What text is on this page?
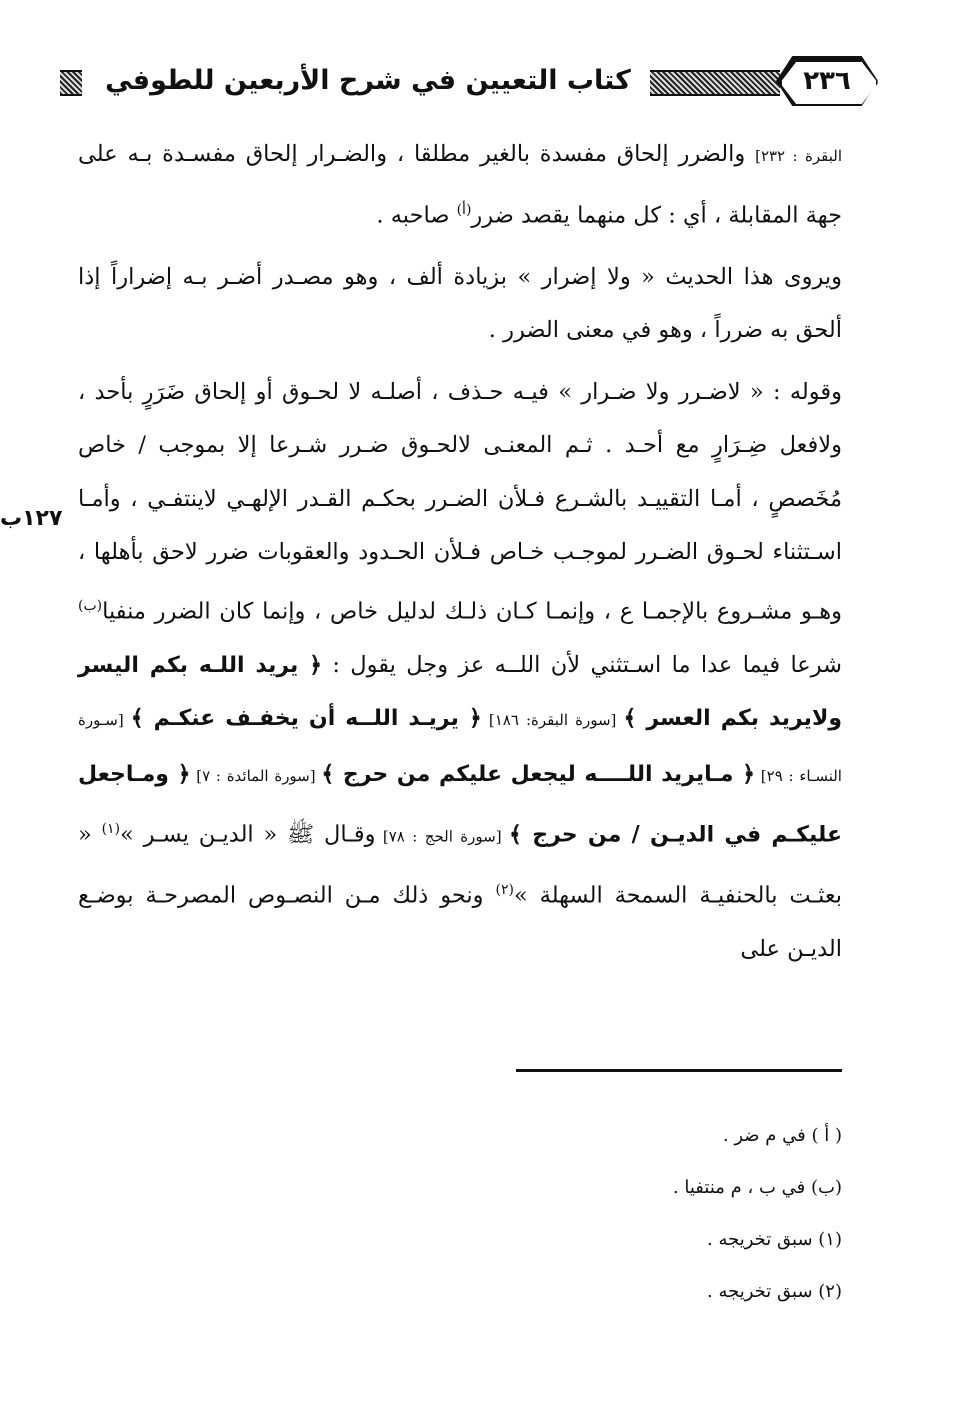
كتاب التعيين في شرح الأربعين للطوفي	٢٣٦
١٢٧ب

البقرة : ٢٣٢] والضرر إلحاق مفسدة بالغير مطلقا ، والضـرار إلحاق مفسـدة بـه على جهة المقابلة ، أي : كل منهما يقصد ضرر$^{(أ)}$ صاحبه .

ويروى هذا الحديث « ولا إضرار » بزيادة ألف ، وهو مصـدر أضـر بـه إضراراً إذا ألحق به ضرراً ، وهو في معنى الضرر .

وقوله : « لاضـرر ولا ضـرار » فيـه حـذف ، أصلـه لا لحـوق أو إلحاق ضَرَرٍ بأحد ، ولافعل ضِـرَارٍ مع أحـد . ثـم المعنـى لالحـوق ضـرر شـرعا إلا بموجب / خاص مُخَصصٍ ، أمـا التقييـد بالشـرع فـلأن الضـرر بحكـم القـدر الإلهـي لاينتفـي ، وأمـا اسـتثناء لحـوق الضـرر لموجـب خـاص فـلأن الحـدود والعقوبات ضرر لاحق بأهلها ، وهـو مشـروع بالإجمـا ع ، وإنمـا كـان ذلـك لدليل خاص ، وإنما كان الضرر منفيا$^{(ب)}$ شرعا فيما عدا ما اسـتثني لأن اللــه عز وجل يقول : ﴿ يريد اللـه بكم اليسر ولايريد بكم العسر ﴾ [سورة البقرة: ١٨٦] ﴿ يريـد اللــه أن يخفـف عنكـم ﴾ [سـورة النسـاء : ٢٩] ﴿ مـايريد اللــــه ليجعل عليكم من حرج ﴾ [سورة المائدة : ٧] ﴿ ومـاجعل عليكـم في الديـن / من حرج ﴾ [سورة الحج : ٧٨] وقـال ﷺ « الديـن يسـر »$^{(١)}$ « بعثـت بالحنفيـة السمحة السهلة »$^{(٢)}$ ونحو ذلك مـن النصـوص المصرحـة بوضـع الديـن على

( أ ) في م ضر .

(ب) في ب ، م منتفيا .

(١) سبق تخريجه .

(٢) سبق تخريجه .
